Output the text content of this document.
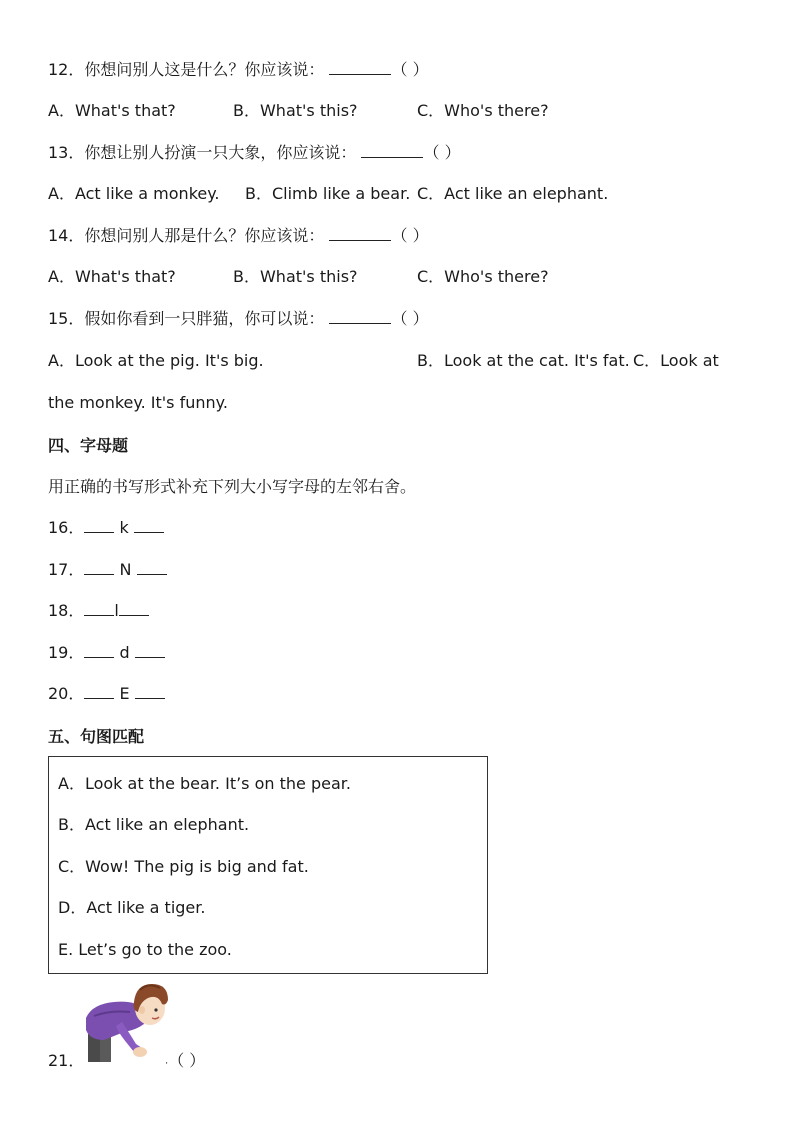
12．你想问别人这是什么？你应该说：	（ ）
A．What's that?	B．What's this?	C．Who's there?
13．你想让别人扮演一只大象，你应该说：	（ ）
A．Act like a monkey. B．Climb like a bear. C．Act like an elephant.
14．你想问别人那是什么？你应该说：	（ ）
A．What's that?	B．What's this?	C．Who's there?
15．假如你看到一只胖猫，你可以说：	（ ）
A．Look at the pig. It's big.	B．Look at the cat. It's fat. C．Look at
the monkey. It's funny.
四、字母题
用正确的书写形式补充下列大小写字母的左邻右舍。
16． k
17． N
18． l
19． d
20． E
五、句图匹配
A．Look at the bear. It’s on the pear.
B．Act like an elephant.
C．Wow! The pig is big and fat.
D．Act like a tiger.
E. Let’s go to the zoo.
21．	.（ ）
